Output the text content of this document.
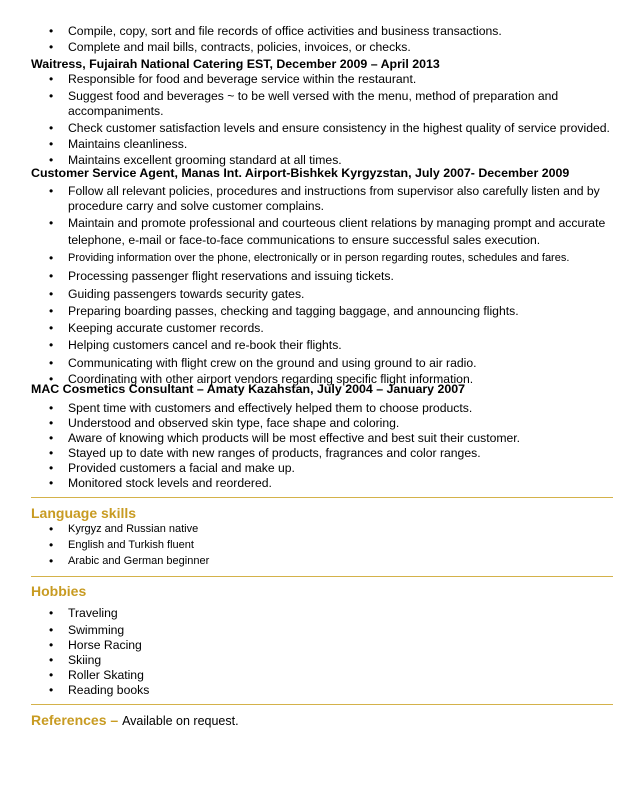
• Compile, copy, sort and file records of office activities and business transactions.
• Complete and mail bills, contracts, policies, invoices, or checks.
Waitress, Fujairah National Catering EST, December 2009 – April 2013
• Responsible for food and beverage service within the restaurant.
• Suggest food and beverages ~ to be well versed with the menu, method of preparation and accompaniments.
• Check customer satisfaction levels and ensure consistency in the highest quality of service provided.
• Maintains cleanliness.
• Maintains excellent grooming standard at all times.
Customer Service Agent, Manas Int. Airport-Bishkek Kyrgyzstan, July 2007- December 2009
• Follow all relevant policies, procedures and instructions from supervisor also carefully listen and by procedure carry and solve customer complains.
• Maintain and promote professional and courteous client relations by managing prompt and accurate telephone, e-mail or face-to-face communications to ensure successful sales execution.
• Providing information over the phone, electronically or in person regarding routes, schedules and fares.
• Processing passenger flight reservations and issuing tickets.
• Guiding passengers towards security gates.
• Preparing boarding passes, checking and tagging baggage, and announcing flights.
• Keeping accurate customer records.
• Helping customers cancel and re-book their flights.
• Communicating with flight crew on the ground and using ground to air radio.
• Coordinating with other airport vendors regarding specific flight information.
MAC Cosmetics Consultant – Amaty Kazahstan, July 2004 – January 2007
• Spent time with customers and effectively helped them to choose products.
• Understood and observed skin type, face shape and coloring.
• Aware of knowing which products will be most effective and best suit their customer.
• Stayed up to date with new ranges of products, fragrances and color ranges.
• Provided customers a facial and make up.
• Monitored stock levels and reordered.
Language skills
• Kyrgyz and Russian native
• English and Turkish fluent
• Arabic and German beginner
Hobbies
• Traveling
• Swimming
• Horse Racing
• Skiing
• Roller Skating
• Reading books
References – Available on request.
